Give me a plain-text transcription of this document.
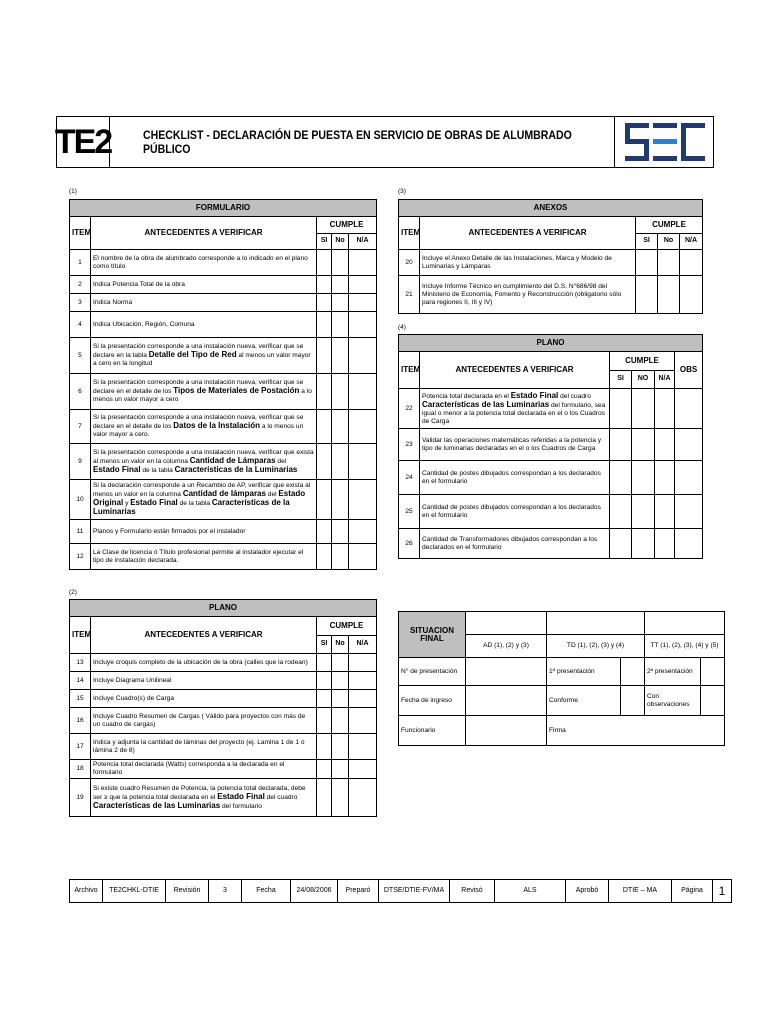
TE2	CHECKLIST - DECLARACIÓN DE PUESTA EN SERVICIO DE OBRAS DE ALUMBRADO PÚBLICO
(1)
FORMULARIO				
ITEM	ANTECEDENTES A VERIFICAR	CUMPLE		
		SI	No	N/A
1	El nombre de la obra de alumbrado corresponde a lo indicado en el plano como título			
2	Indica Potencia Total de la obra			
3	Indica Norma			
4	Indica Ubicación, Región, Comuna			
5	Si la presentación corresponde a una instalación nueva, verificar que se declare en la tabla Detalle del Tipo de Red al menos un valor mayor a cero en la longitud			
6	Si la presentación corresponde a una instalación nueva, verificar que se declare en el detalle de los Tipos de Materiales de Postación a lo menos un valor mayor a cero			
7	Si la presentación corresponde a una instalación nueva, verificar que se declare en el detalle de los Datos de la Instalación a lo menos un valor mayor a cero.			
9	Si la presentación corresponde a una instalación nueva, verificar que exista al menos un valor en la columna Cantidad de Lámparas del Estado Final de la tabla Características de la Luminarias			
10	Si la declaración corresponde a un Recambio de AP, verificar que exista al menos un valor en la columna Cantidad de lámparas del Estado Original y Estado Final de la tabla Características de la Luminarias			
11	Planos y Formulario están firmados por el instalador			
12	La Clase de licencia ó Título profesional permite al instalador ejecutar el tipo de instalación declarada.			
(2)
PLANO				
ITEM	ANTECEDENTES A VERIFICAR	CUMPLE		
		SI	No	N/A
13	Incluye croquis completo de la ubicación de la obra (calles que la rodean)			
14	Incluye Diagrama Unilineal			
15	Incluye Cuadro(s) de Carga			
16	Incluye Cuadro Resumen de Cargas ( Válido para proyectos con más de un cuadro de cargas)			
17	Indica y adjunta la cantidad de láminas del proyecto (ej. Lamina 1 de 1 ó lámina 2 de 8)			
18	Potencia total declarada (Watts) corresponda a la declarada en el formulario			
19	Si existe cuadro Resumen de Potencia, la potencia total declarada, debe ser ≥ que la potencia total declarada en el Estado Final del cuadro Características de las Luminarias del formulario			
(3)
ANEXOS				
ITEM	ANTECEDENTES A VERIFICAR	CUMPLE		
		SI	No	N/A
20	Incluye el Anexo Detalle de las Instalaciones, Marca y Modelo de Luminarias y Lámparas			
21	Incluye Informe Técnico en cumplimiento del D.S. N°686/98 del Ministerio de Economía, Fomento y Reconstrucción (obligatorio sólo para regiones II, III y IV)			
(4)
PLANO					
ITEM	ANTECEDENTES A VERIFICAR	CUMPLE			OBS
		SI	NO	N/A	
22	Potencia total declarada en el Estado Final del cuadro Características de las Luminarias del formulario, sea igual o menor a la potencia total declarada en el o los Cuadros de Carga				
23	Validar las operaciones matemáticas referidas a la potencia y tipo de luminarias declaradas en el o los Cuadros de Carga				
24	Cantidad de postes dibujados correspondan a los declarados en el formulario				
25	Cantidad de postes dibujados correspondan a los declarados en el formulario				
26	Cantidad de Transformadores dibujados correspondan a los declarados en el formulario				
SITUACION FINAL					
	AD (1), (2) y (3)	TD (1), (2), (3) y (4)		TT (1), (2), (3), (4) y (5)	
N° de presentación		1ª presentación		2ª presentación	
Fecha de ingreso		Conforme		Con observaciones	
Funcionario		Firma			
Archivo	TE2CHKL-DTIE	Revisión	3	Fecha	24/08/2006	Preparó	DTSE/DTIE-FV/MA	Revisó	ALS	Aprobó	DTIE – MA	Página	1
